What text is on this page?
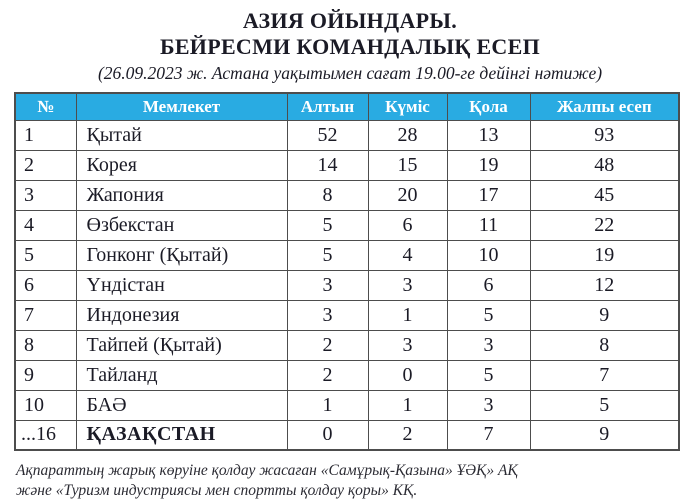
АЗИЯ ОЙЫНДАРЫ.
БЕЙРЕСМИ КОМАНДАЛЫҚ ЕСЕП
(26.09.2023 ж. Астана уақытымен сағат 19.00-ге дейінгі нәтиже)
№	Мемлекет	Алтын	Күміс	Қола	Жалпы есеп
1	Қытай	52	28	13	93
2	Корея	14	15	19	48
3	Жапония	8	20	17	45
4	Өзбекстан	5	6	11	22
5	Гонконг (Қытай)	5	4	10	19
6	Үндістан	3	3	6	12
7	Индонезия	3	1	5	9
8	Тайпей (Қытай)	2	3	3	8
9	Тайланд	2	0	5	7
10	БАӘ	1	1	3	5
...16	ҚАЗАҚСТАН	0	2	7	9
Ақпараттың жарық көруіне қолдау жасаған «Самұрық-Қазына» ҰӘҚ» АҚ
және «Туризм индустриясы мен спортты қолдау қоры» КҚ.
